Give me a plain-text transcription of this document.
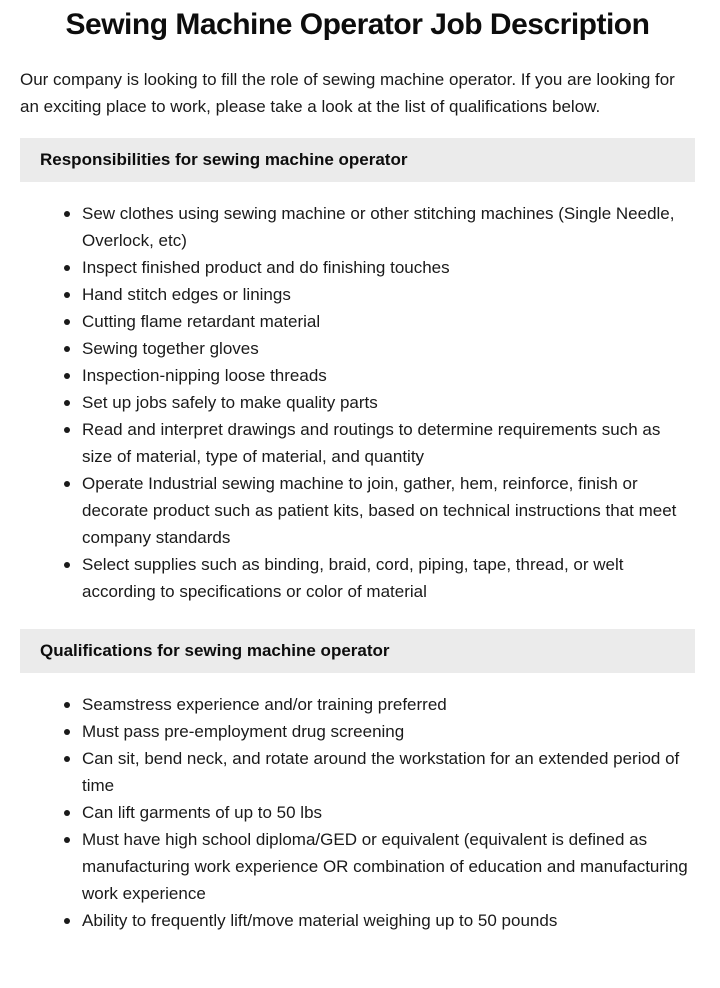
Sewing Machine Operator Job Description

Our company is looking to fill the role of sewing machine operator. If you are looking for an exciting place to work, please take a look at the list of qualifications below.

Responsibilities for sewing machine operator
Sew clothes using sewing machine or other stitching machines (Single Needle, Overlock, etc)
Inspect finished product and do finishing touches
Hand stitch edges or linings
Cutting flame retardant material
Sewing together gloves
Inspection-nipping loose threads
Set up jobs safely to make quality parts
Read and interpret drawings and routings to determine requirements such as size of material, type of material, and quantity
Operate Industrial sewing machine to join, gather, hem, reinforce, finish or decorate product such as patient kits, based on technical instructions that meet company standards
Select supplies such as binding, braid, cord, piping, tape, thread, or welt according to specifications or color of material
Qualifications for sewing machine operator
Seamstress experience and/or training preferred
Must pass pre-employment drug screening
Can sit, bend neck, and rotate around the workstation for an extended period of time
Can lift garments of up to 50 lbs
Must have high school diploma/GED or equivalent (equivalent is defined as manufacturing work experience OR combination of education and manufacturing work experience
Ability to frequently lift/move material weighing up to 50 pounds
